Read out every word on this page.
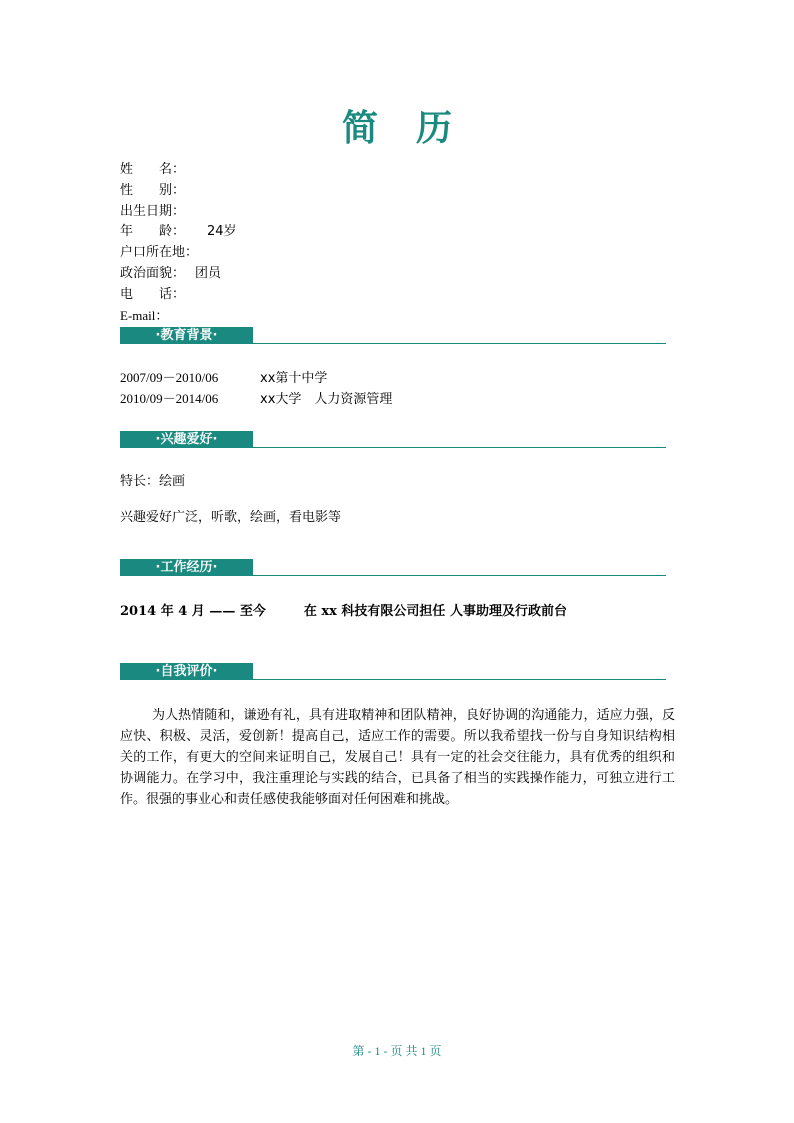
简 历
姓　　名：
性　　别：
出生日期：
年　　龄： 24岁
户口所在地：
政治面貌： 团员
电　　话：
E-mail：
·教育背景·
2007/09－2010/06	xx第十中学
2010/09－2014/06	xx大学　人力资源管理
·兴趣爱好·
特长：绘画
兴趣爱好广泛，听歌，绘画，看电影等
·工作经历·
2014 年 4 月 —— 至今	在 xx 科技有限公司担任 人事助理及行政前台
·自我评价·
为人热情随和，谦逊有礼，具有进取精神和团队精神，良好协调的沟通能力，适应力强，反应快、积极、灵活，爱创新！提高自己，适应工作的需要。所以我希望找一份与自身知识结构相关的工作，有更大的空间来证明自己，发展自己！具有一定的社会交往能力，具有优秀的组织和协调能力。在学习中，我注重理论与实践的结合，已具备了相当的实践操作能力，可独立进行工作。很强的事业心和责任感使我能够面对任何困难和挑战。
第 - 1 - 页 共 1 页
